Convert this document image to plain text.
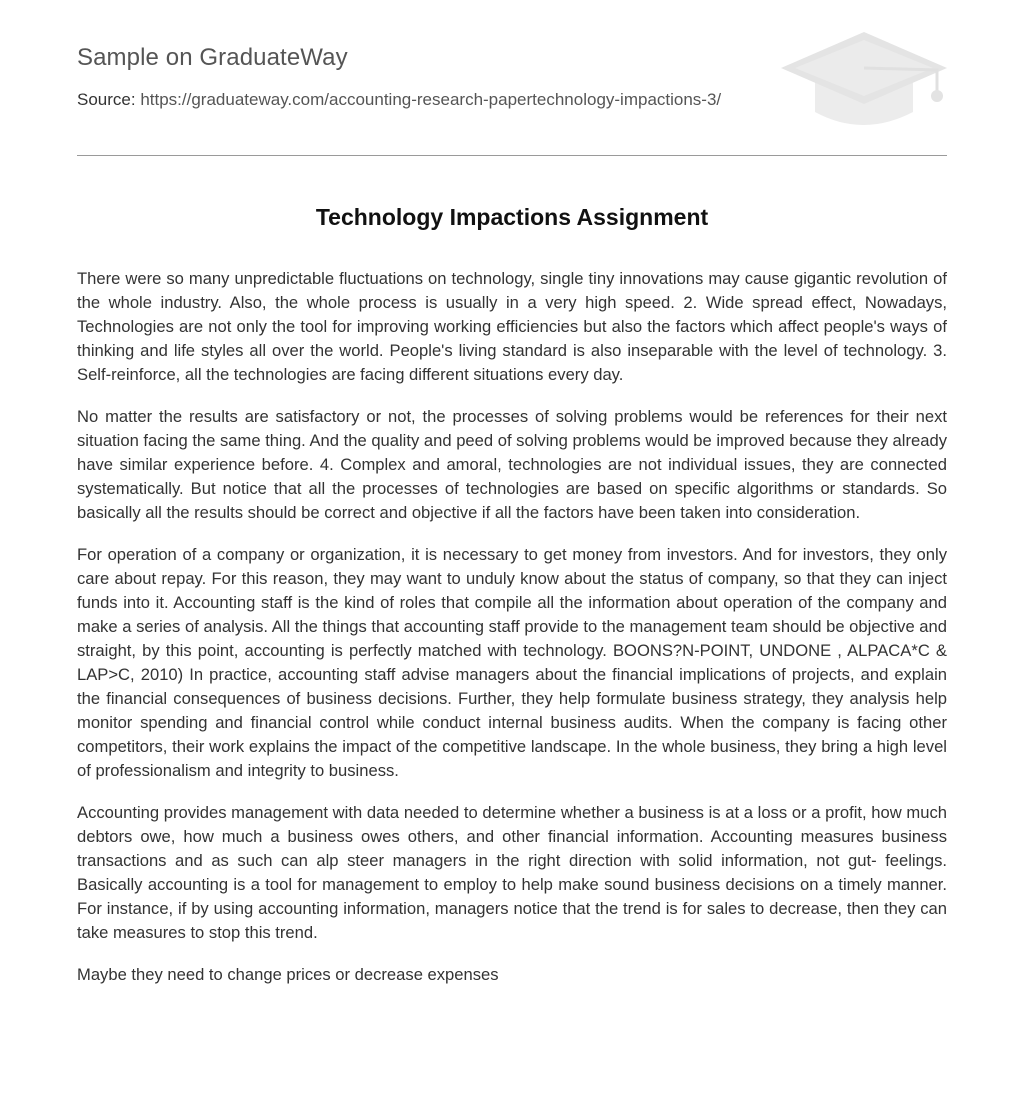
Sample on GraduateWay
Source: https://graduateway.com/accounting-research-papertechnology-impactions-3/
Technology Impactions Assignment

There were so many unpredictable fluctuations on technology, single tiny innovations may cause gigantic revolution of the whole industry. Also, the whole process is usually in a very high speed. 2. Wide spread effect, Nowadays, Technologies are not only the tool for improving working efficiencies but also the factors which affect people's ways of thinking and life styles all over the world. People's living standard is also inseparable with the level of technology. 3. Self-reinforce, all the technologies are facing different situations every day.

No matter the results are satisfactory or not, the processes of solving problems would be references for their next situation facing the same thing. And the quality and peed of solving problems would be improved because they already have similar experience before. 4. Complex and amoral, technologies are not individual issues, they are connected systematically. But notice that all the processes of technologies are based on specific algorithms or standards. So basically all the results should be correct and objective if all the factors have been taken into consideration.

For operation of a company or organization, it is necessary to get money from investors. And for investors, they only care about repay. For this reason, they may want to unduly know about the status of company, so that they can inject funds into it. Accounting staff is the kind of roles that compile all the information about operation of the company and make a series of analysis. All the things that accounting staff provide to the management team should be objective and straight, by this point, accounting is perfectly matched with technology. BOONS?N-POINT, UNDONE , ALPACA*C & LAP>C, 2010) In practice, accounting staff advise managers about the financial implications of projects, and explain the financial consequences of business decisions. Further, they help formulate business strategy, they analysis help monitor spending and financial control while conduct internal business audits. When the company is facing other competitors, their work explains the impact of the competitive landscape. In the whole business, they bring a high level of professionalism and integrity to business.

Accounting provides management with data needed to determine whether a business is at a loss or a profit, how much debtors owe, how much a business owes others, and other financial information. Accounting measures business transactions and as such can alp steer managers in the right direction with solid information, not gut- feelings. Basically accounting is a tool for management to employ to help make sound business decisions on a timely manner. For instance, if by using accounting information, managers notice that the trend is for sales to decrease, then they can take measures to stop this trend.

Maybe they need to change prices or decrease expenses
